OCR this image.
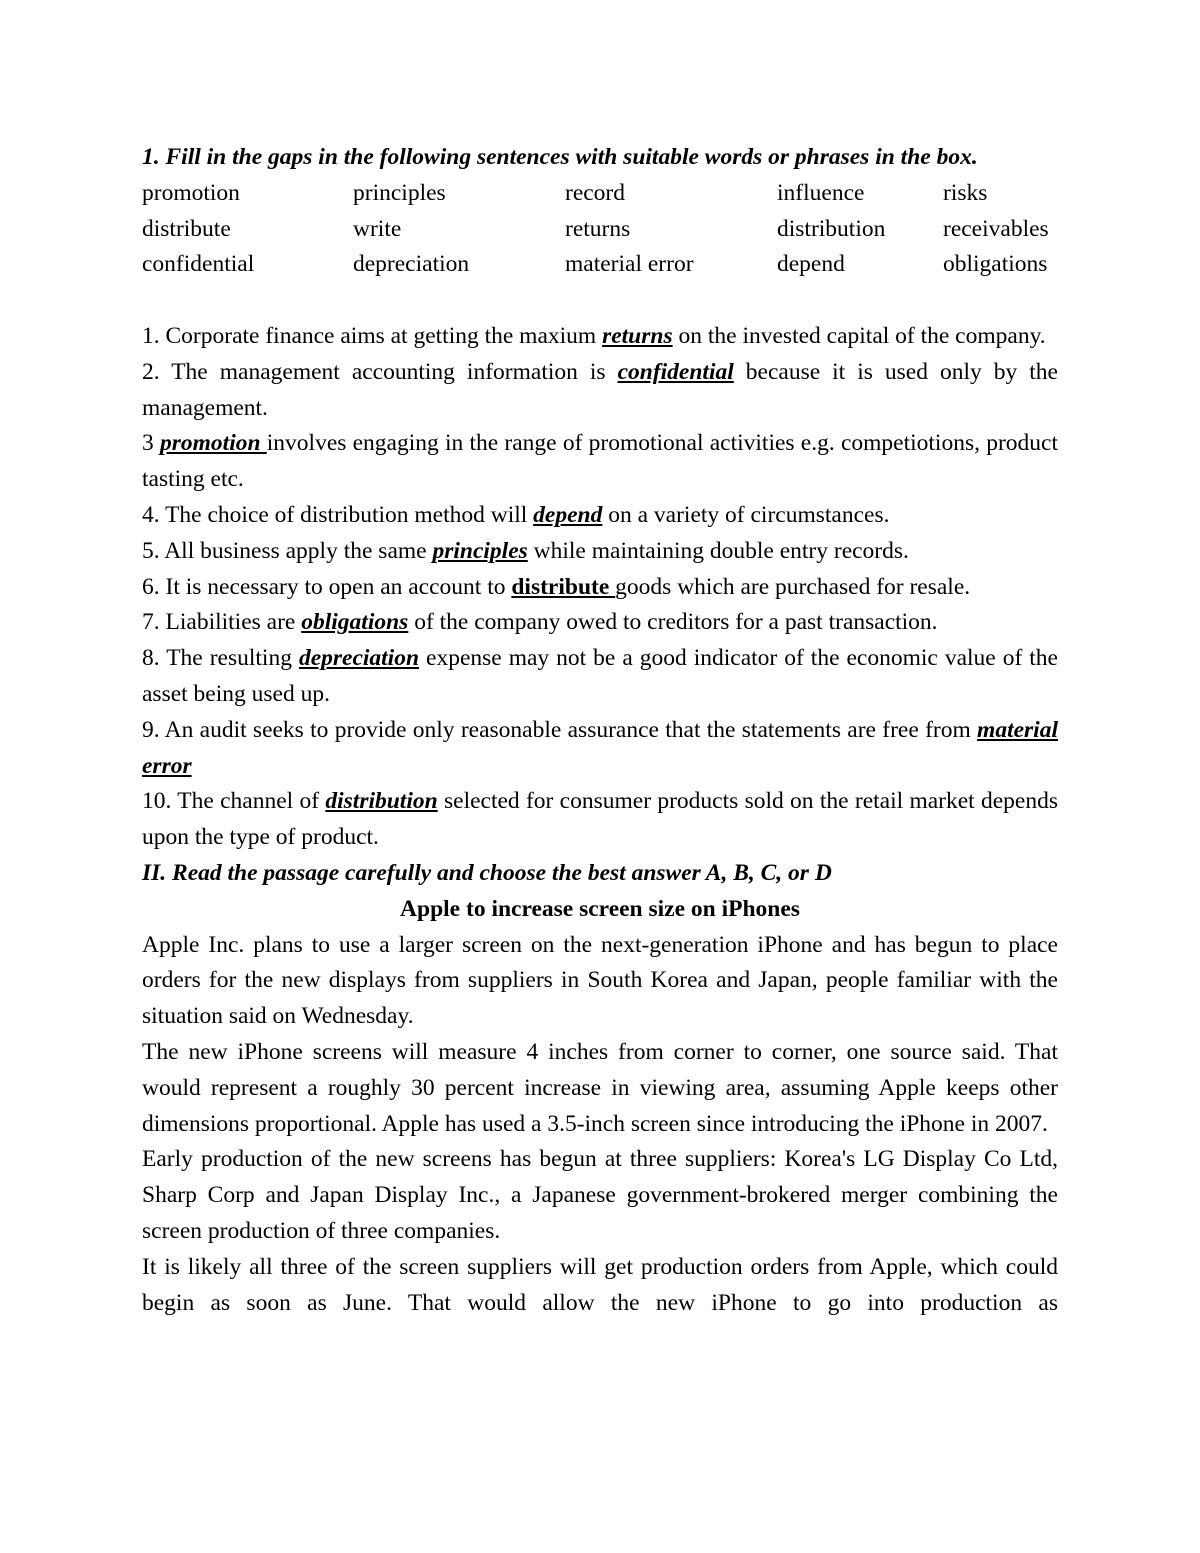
1. Fill in the gaps in the following sentences with suitable words or phrases in the box.
promotion	principles	record	influence	risks
distribute	write	returns	distribution	receivables
confidential	depreciation	material error	depend	obligations
1. Corporate finance aims at getting the maxium returns on the invested capital of the company.
2. The management accounting information is confidential because it is used only by the management.
3 promotion involves engaging in the range of promotional activities e.g. competiotions, product tasting etc.
4. The choice of distribution method will depend on a variety of circumstances.
5. All business apply the same principles while maintaining double entry records.
6. It is necessary to open an account to distribute goods which are purchased for resale.
7. Liabilities are obligations of the company owed to creditors for a past transaction.
8. The resulting depreciation expense may not be a good indicator of the economic value of the asset being used up.
9. An audit seeks to provide only reasonable assurance that the statements are free from material error
10. The channel of distribution selected for consumer products sold on the retail market depends upon the type of product.
II. Read the passage carefully and choose the best answer A, B, C, or D
Apple to increase screen size on iPhones
Apple Inc. plans to use a larger screen on the next-generation iPhone and has begun to place orders for the new displays from suppliers in South Korea and Japan, people familiar with the situation said on Wednesday.
The new iPhone screens will measure 4 inches from corner to corner, one source said. That would represent a roughly 30 percent increase in viewing area, assuming Apple keeps other dimensions proportional. Apple has used a 3.5-inch screen since introducing the iPhone in 2007.
Early production of the new screens has begun at three suppliers: Korea's LG Display Co Ltd, Sharp Corp and Japan Display Inc., a Japanese government-brokered merger combining the screen production of three companies.
It is likely all three of the screen suppliers will get production orders from Apple, which could begin as soon as June. That would allow the new iPhone to go into production as
